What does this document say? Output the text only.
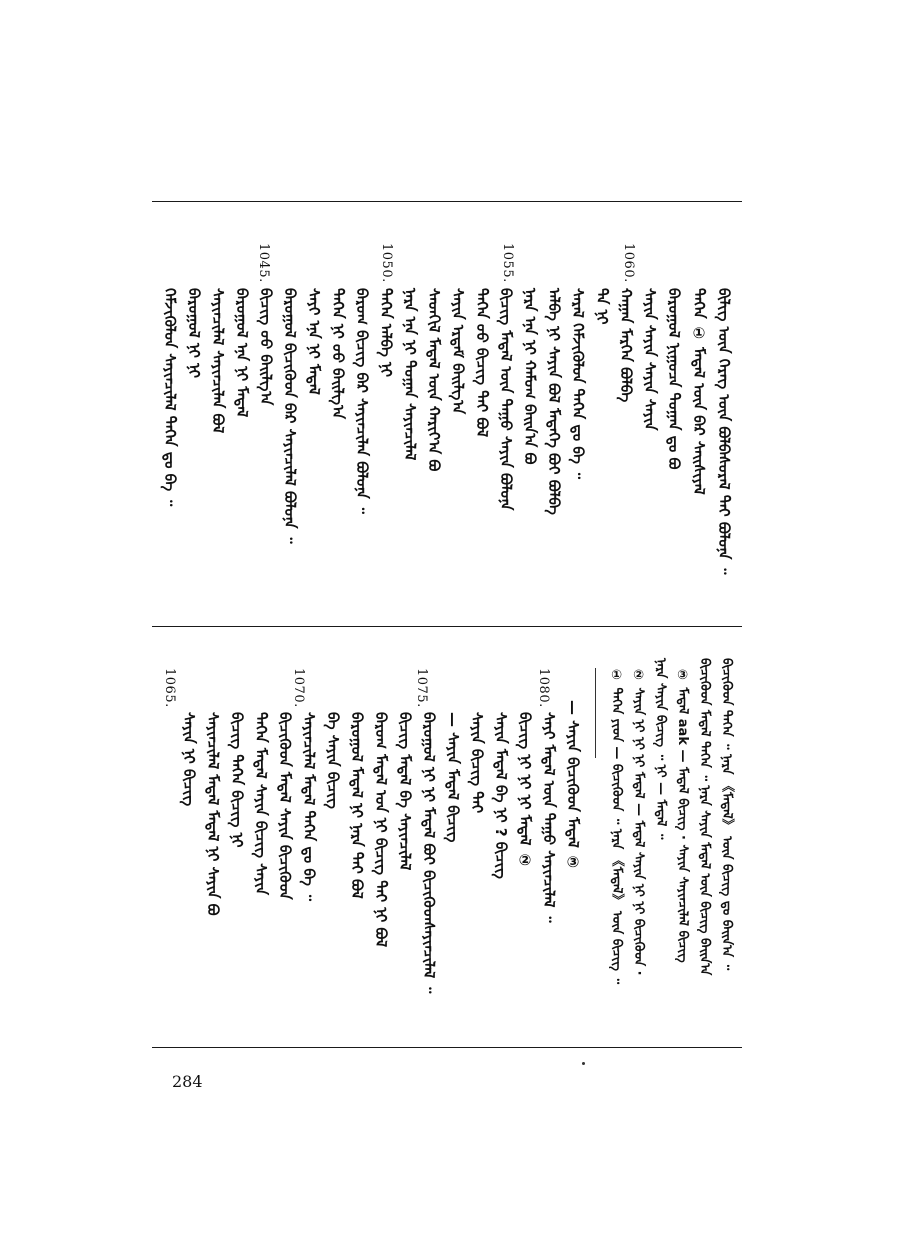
1060.
1055.
1050.
1045.
ᠪᠢᠯᠢᠭ ᠦᠨ ᠬᠡᠷᠡᠭ ᠦᠨ ᠪᠤᠯᠪᠠᠰᠤᠷᠠᠯ ᠲᠠᠢ ᠪᠣᠯᠤᠨᠠ ᠃
ᠲᠡᠭᠡᠨ ① ᠮᠡᠳᠡᠯ ᠦᠨ ᠪᠡᠷ ᠰᠠᠢᠰᠢᠶᠠᠯ
ᠪᠠᠷᠤᠭᠤᠯ ᠨᠢᠭᠤᠴᠠ ᠲᠣᠭᠠᠨ ᠳᠤ ᠪᠤ
ᠰᠠᠶᠢᠨ ᠰᠠᠶᠢᠨ ᠰᠠᠶᠢᠨ ᠰᠠᠶᠢᠨ
ᠬᠠᠭᠠᠨ ᠮᠡᠷᠭᠡᠨ ᠪᠣᠯᠪᠠ
ᠲᠠ ᠨᠢ
ᠰᠠᠷᠠᠯ ᠬᠡᠮᠵᠢᠭᠦᠯᠦᠨ ᠲᠡᠭᠡᠨ ᠳᠤ ᠪᠠ ᠃
ᠠᠯᠪᠠ ᠨᠢ ᠰᠠᠶᠢᠨ ᠪᠣᠯ ᠮᠡᠳᠡᠭᠡ ᠪᠤᠢ ᠪᠣᠯᠪᠠ
ᠨᠡᠷᠡ ᠡᠨᠡ ᠨᠢ ᠬᠠᠮᠤᠭ ᠪᠠᠢᠨ᠎ᠠ ᠪᠤ
ᠪᠢᠴᠢᠭ ᠮᠡᠳᠡᠯ ᠦᠨ ᠳᠠᠭᠤ ᠰᠠᠶᠢᠨ ᠪᠣᠯᠤᠨᠠ
ᠲᠡᠭᠡᠨ ᠤᠤ ᠪᠢᠴᠢᠭ ᠲᠠᠢ ᠪᠣᠯ
ᠰᠠᠶᠢᠨ ᠡᠷᠳᠡᠮ ᠪᠠᠢᠯᠭ᠎ᠠ
ᠰᠡᠳᠭᠢᠯ ᠮᠡᠳᠡᠯ ᠦᠨ ᠬᠠᠷᠢᠶ᠎ᠠ ᠪᠤ
ᠨᠡᠷᠡ ᠡᠨᠡ ᠨᠢ ᠲᠣᠭᠠᠨ ᠰᠠᠶᠢᠨᠴᠢᠯᠠᠯ
ᠲᠡᠭᠡᠨ ᠠᠯᠪᠠ ᠨᠢ
ᠪᠠᠷᠤᠭ ᠪᠢᠴᠢᠭ ᠪᠠᠷ ᠰᠠᠶᠢᠨᠴᠢᠯᠡᠨ ᠪᠣᠯᠤᠨᠠ ᠃
ᠲᠡᠭᠡᠨ ᠨᠢ ᠤᠤ ᠪᠠᠢᠯᠭ᠎ᠠ
ᠰᠠᠶᠢ ᠡᠨᠡ ᠨᠢ ᠮᠡᠳᠡᠯ
ᠪᠠᠷᠤᠭᠤᠯ ᠪᠢᠴᠢᠭᠦᠳ ᠪᠠᠷ ᠰᠠᠶᠢᠨᠴᠢᠯᠠᠯ ᠪᠣᠯᠤᠨᠠ ᠃
ᠪᠢᠴᠢᠭ ᠤᠤ ᠪᠠᠢᠯᠭ᠎ᠠ
ᠪᠠᠷᠤᠭᠤᠯ ᠡᠨᠡ ᠨᠢ ᠮᠡᠳᠡᠯ
ᠰᠠᠶᠢᠨᠴᠢᠯᠠᠯ ᠰᠠᠶᠢᠨᠴᠢᠯᠡᠨ ᠪᠣᠯ
ᠪᠠᠷᠤᠭᠤᠯ ᠨᠢ ᠨᠢ
ᠬᠡᠮᠵᠢᠭᠦᠯᠦᠨ ᠰᠠᠶᠢᠨᠴᠢᠯᠠᠯ ᠲᠡᠭᠡᠨ ᠳᠤ ᠪᠠ ᠃
ᠪᠢᠴᠢᠭᠦᠳ ᠲᠡᠭᠡᠨ ᠃ ᠨᠡᠷᠡ 《ᠮᠡᠳᠡᠯ》 ᠦᠨ ᠪᠢᠴᠢᠭ ᠳᠤ ᠪᠠᠢᠨ᠎ᠠ ᠃
ᠪᠢᠴᠢᠭᠦᠳ ᠮᠡᠳᠡᠯ ᠲᠡᠭᠡᠨ ᠃ ᠨᠡᠷᠡ ᠰᠠᠶᠢᠨ ᠮᠡᠳᠡᠯ ᠦᠨ ᠪᠢᠴᠢᠭ ᠪᠠᠢᠨ᠎ᠠ
③ ᠮᠡᠳᠡᠯ aak — ᠮᠡᠳᠡᠯ ᠪᠢᠴᠢᠭ · ᠰᠠᠶᠢᠨ ᠰᠠᠶᠢᠨᠴᠢᠯᠠᠯ ᠪᠢᠴᠢᠭ
ᠨᠡᠷᠡ ᠰᠠᠶᠢᠨ ᠪᠢᠴᠢᠭ ᠃ ᠨᠢ — ᠮᠡᠳᠡᠯ ᠃
② ᠰᠠᠶᠢᠨ ᠨᠢ ᠨᠢ ᠨᠢ ᠮᠡᠳᠡᠯ — ᠮᠡᠳᠡᠯ ᠰᠠᠶᠢᠨ ᠨᠢ ᠨᠢ ᠪᠢᠴᠢᠭᠦᠳ ·
① ᠲᠡᠭᠡᠨ ᠶᠢᠳ — ᠪᠢᠴᠢᠭᠦᠳ ᠃ ᠨᠡᠷᠡ 《ᠮᠡᠳᠡᠯ》 ᠦᠨ ᠪᠢᠴᠢᠭ ᠃
1080.
1075.
1070.
1065.
— ᠰᠠᠶᠢᠨ ᠪᠢᠴᠢᠭᠦᠳ ᠮᠡᠳᠡᠯ ③
ᠰᠠᠶᠢ ᠮᠡᠳᠡᠯ ᠦᠨ ᠳᠠᠭᠤ ᠰᠠᠶᠢᠨᠴᠢᠯᠠᠯ ᠃
ᠪᠢᠴᠢᠭ ᠨᠢ ᠨᠢ ᠨᠢ ᠮᠡᠳᠡᠯ ②
ᠰᠠᠶᠢᠨ ᠮᠡᠳᠡᠯ ᠪᠠ ᠨᠢ ? ᠪᠢᠴᠢᠭ
ᠰᠠᠶᠢᠨ ᠪᠢᠴᠢᠭ ᠲᠠᠢ
— ᠰᠠᠶᠢᠨ ᠮᠡᠳᠡᠯ ᠪᠢᠴᠢᠭ
ᠪᠠᠷᠤᠭᠤᠯ ᠨᠢ ᠨᠢ ᠮᠡᠳᠡᠯ ᠪᠤᠢ ᠪᠢᠴᠢᠭᠦᠳᠰᠠᠶᠢᠨᠴᠢᠯᠠᠯ ᠃
ᠪᠢᠴᠢᠭ ᠮᠡᠳᠡᠯ ᠪᠠ ᠰᠠᠶᠢᠨᠴᠢᠯᠠᠯ
ᠪᠠᠷᠤᠭ ᠮᠡᠳᠡᠯ ᠤᠨ ᠨᠢ ᠪᠢᠴᠢᠭ ᠲᠠᠢ ᠨᠢ ᠪᠣᠯ
ᠪᠠᠷᠤᠭᠤᠯ ᠮᠡᠳᠡᠯ ᠨᠢ ᠨᠡᠷᠡ ᠲᠠᠢ ᠪᠣᠯ
ᠪᠠ ᠰᠠᠶᠢᠨ ᠪᠢᠴᠢᠭ
ᠰᠠᠶᠢᠨᠴᠢᠯᠠᠯ ᠮᠡᠳᠡᠯ ᠲᠡᠭᠡᠨ ᠳᠤ ᠪᠠ ᠃
ᠪᠢᠴᠢᠭᠦᠳ ᠮᠡᠳᠡᠯ ᠰᠠᠶᠢᠨ ᠪᠢᠴᠢᠭᠦᠳ
ᠲᠡᠭᠡᠨ ᠮᠡᠳᠡᠯ ᠰᠠᠶᠢᠨ ᠪᠢᠴᠢᠭ ᠰᠠᠶᠢᠨ
ᠪᠢᠴᠢᠭ ᠲᠡᠭᠡᠨ ᠪᠢᠴᠢᠭ ᠨᠢ
ᠰᠠᠶᠢᠨᠴᠢᠯᠠᠯ ᠮᠡᠳᠡᠯ ᠮᠡᠳᠡᠯ ᠨᠢ ᠰᠠᠶᠢᠨ ᠪᠤ
ᠰᠠᠶᠢᠨ ᠨᠢ ᠪᠢᠴᠢᠭ
284
